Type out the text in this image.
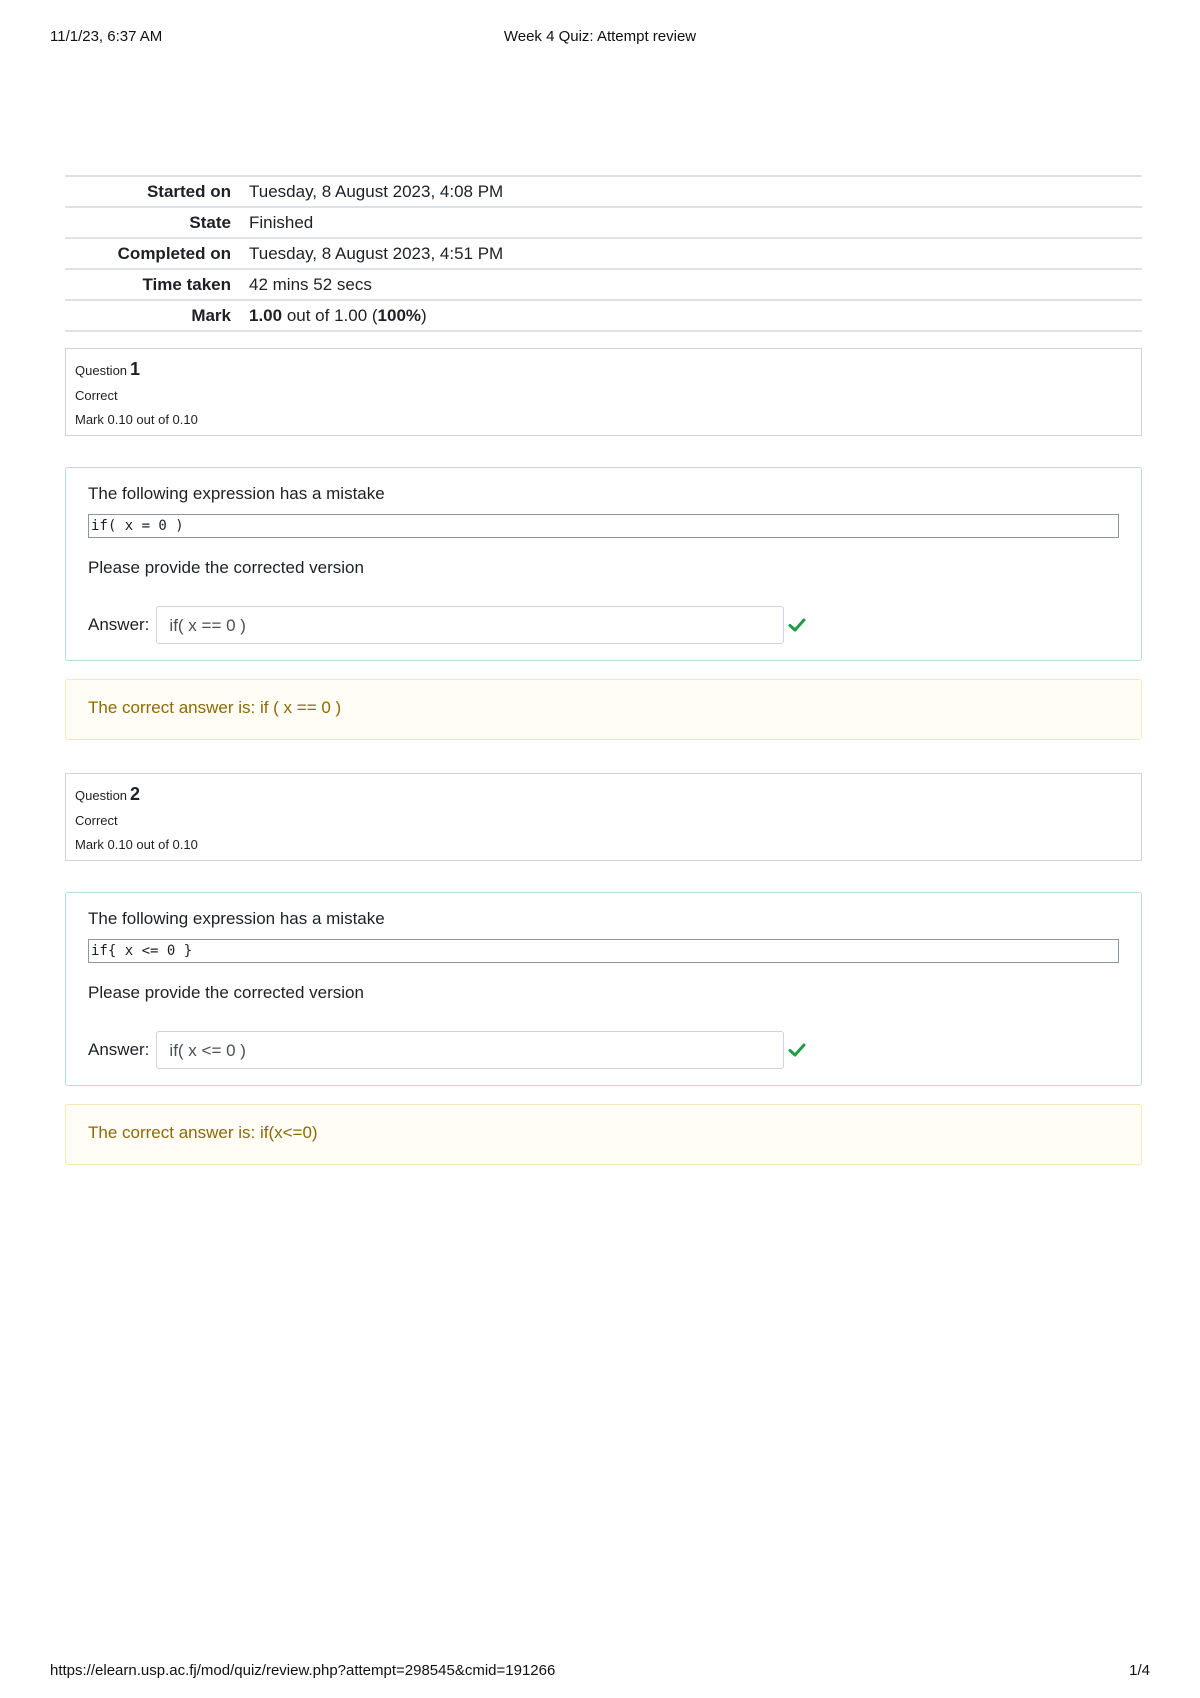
11/1/23, 6:37 AM	Week 4 Quiz: Attempt review
Started on	Tuesday, 8 August 2023, 4:08 PM
State	Finished
Completed on	Tuesday, 8 August 2023, 4:51 PM
Time taken	42 mins 52 secs
Mark	1.00 out of 1.00 (100%)
Question 1
Correct
Mark 0.10 out of 0.10
The following expression has a mistake
if( x = 0 )
Please provide the corrected version
Answer:	if( x == 0 )
The correct answer is: if ( x == 0 )
Question 2
Correct
Mark 0.10 out of 0.10
The following expression has a mistake
if{ x <= 0 }
Please provide the corrected version
Answer:	if( x <= 0 )
The correct answer is: if(x<=0)
https://elearn.usp.ac.fj/mod/quiz/review.php?attempt=298545&cmid=191266	1/4
